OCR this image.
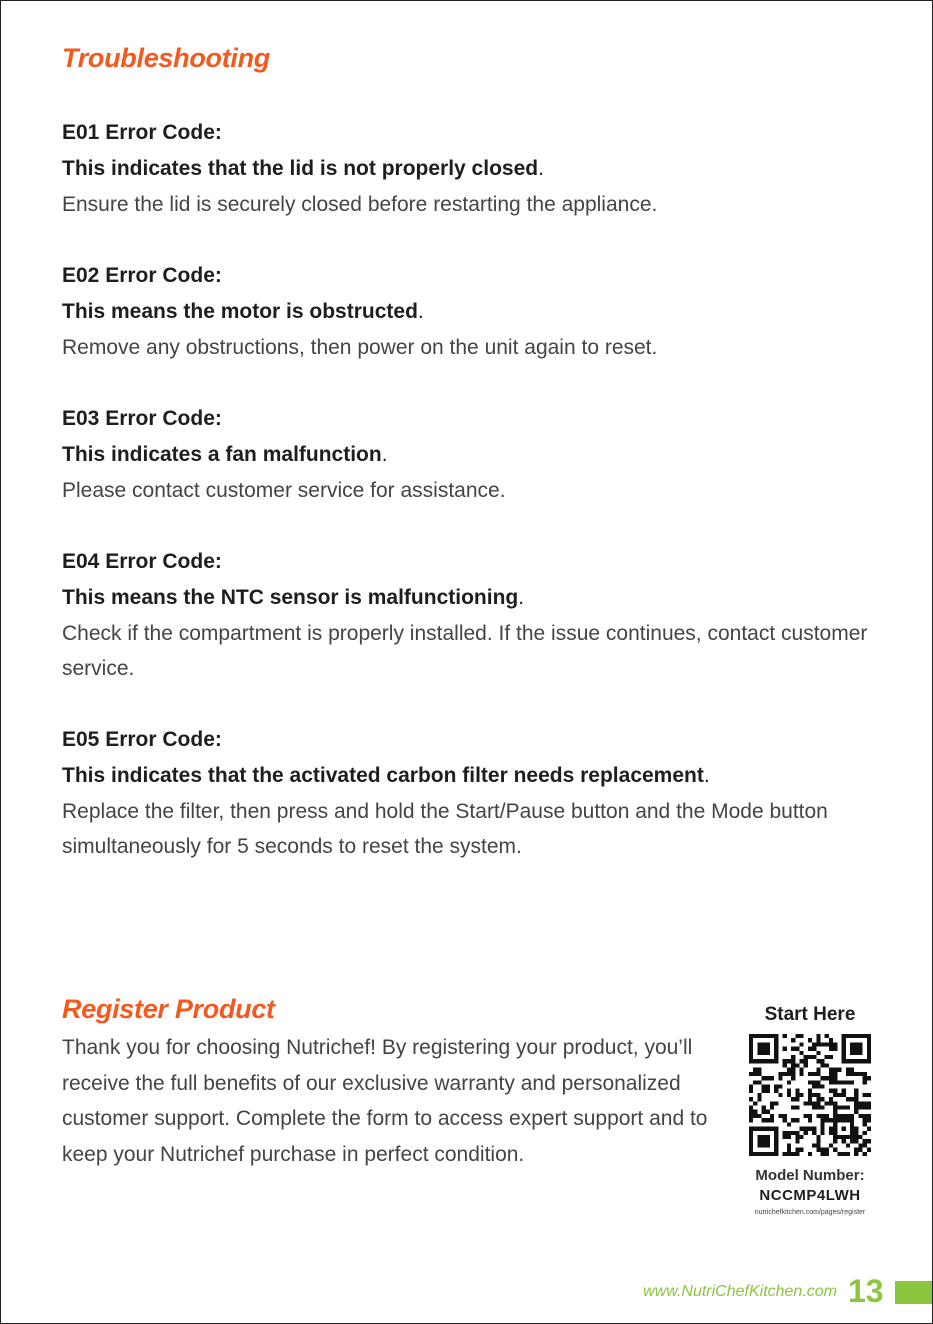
Troubleshooting
E01 Error Code:
This indicates that the lid is not properly closed.
Ensure the lid is securely closed before restarting the appliance.
E02 Error Code:
This means the motor is obstructed.
Remove any obstructions, then power on the unit again to reset.
E03 Error Code:
This indicates a fan malfunction.
Please contact customer service for assistance.
E04 Error Code:
This means the NTC sensor is malfunctioning.
Check if the compartment is properly installed. If the issue continues, contact customer service.
E05 Error Code:
This indicates that the activated carbon filter needs replacement.
Replace the filter, then press and hold the Start/Pause button and the Mode button simultaneously for 5 seconds to reset the system.
Register Product

Thank you for choosing Nutrichef! By registering your product, you’ll receive the full benefits of our exclusive warranty and personalized customer support. Complete the form to access expert support and to keep your Nutrichef purchase in perfect condition.

Start Here
Model Number:
NCCMP4LWH
nutrichefkitchen.com/pages/register
www.NutriChefKitchen.com 13
